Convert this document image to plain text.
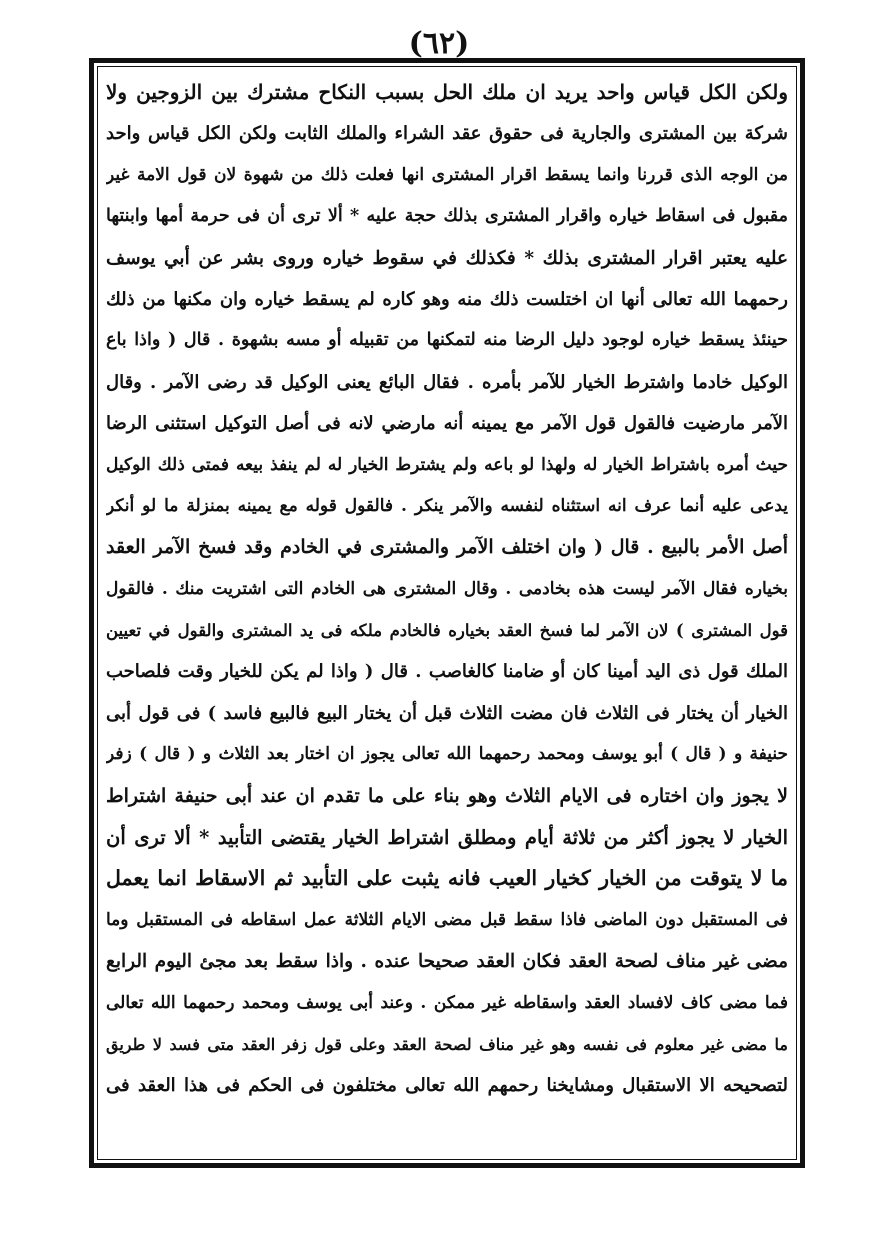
(٦٢)
ولكن الكل قياس واحد يريد ان ملك الحل بسبب النكاح مشترك بين الزوجين ولا
شركة بين المشترى والجارية فى حقوق عقد الشراء والملك الثابت ولكن الكل قياس واحد
من الوجه الذى قررنا وانما يسقط اقرار المشترى انها فعلت ذلك من شهوة لان قول الامة غير
مقبول فى اسقاط خياره واقرار المشترى بذلك حجة عليه * ألا ترى أن فى حرمة أمها وابنتها
عليه يعتبر اقرار المشترى بذلك * فكذلك في سقوط خياره وروى بشر عن أبي يوسف
رحمهما الله تعالى أنها ان اختلست ذلك منه وهو كاره لم يسقط خياره وان مكنها من ذلك
حينئذ يسقط خياره لوجود دليل الرضا منه لتمكنها من تقبيله أو مسه بشهوة . قال ( واذا باع
الوكيل خادما واشترط الخيار للآمر بأمره . فقال البائع يعنى الوكيل قد رضى الآمر . وقال
الآمر مارضيت فالقول قول الآمر مع يمينه أنه مارضي لانه فى أصل التوكيل استثنى الرضا
حيث أمره باشتراط الخيار له ولهذا لو باعه ولم يشترط الخيار له لم ينفذ بيعه فمتى ذلك الوكيل
يدعى عليه أنما عرف انه استثناه لنفسه والآمر ينكر . فالقول قوله مع يمينه بمنزلة ما لو أنكر
أصل الأمر بالبيع . قال ( وان اختلف الآمر والمشترى في الخادم وقد فسخ الآمر العقد
بخياره فقال الآمر ليست هذه بخادمى . وقال المشترى هى الخادم التى اشتريت منك . فالقول
قول المشترى ) لان الآمر لما فسخ العقد بخياره فالخادم ملكه فى يد المشترى والقول في تعيين
الملك قول ذى اليد أمينا كان أو ضامنا كالغاصب . قال ( واذا لم يكن للخيار وقت فلصاحب
الخيار أن يختار فى الثلاث فان مضت الثلاث قبل أن يختار البيع فالبيع فاسد ) فى قول أبى
حنيفة و ( قال ) أبو يوسف ومحمد رحمهما الله تعالى يجوز ان اختار بعد الثلاث و ( قال ) زفر
لا يجوز وان اختاره فى الايام الثلاث وهو بناء على ما تقدم ان عند أبى حنيفة اشتراط
الخيار لا يجوز أكثر من ثلاثة أيام ومطلق اشتراط الخيار يقتضى التأبيد * ألا ترى أن
ما لا يتوقت من الخيار كخيار العيب فانه يثبت على التأبيد ثم الاسقاط انما يعمل
فى المستقبل دون الماضى فاذا سقط قبل مضى الايام الثلاثة عمل اسقاطه فى المستقبل وما
مضى غير مناف لصحة العقد فكان العقد صحيحا عنده . واذا سقط بعد مجئ اليوم الرابع
فما مضى كاف لافساد العقد واسقاطه غير ممكن . وعند أبى يوسف ومحمد رحمهما الله تعالى
ما مضى غير معلوم فى نفسه وهو غير مناف لصحة العقد وعلى قول زفر العقد متى فسد لا طريق
لتصحيحه الا الاستقبال ومشايخنا رحمهم الله تعالى مختلفون فى الحكم فى هذا العقد فى
